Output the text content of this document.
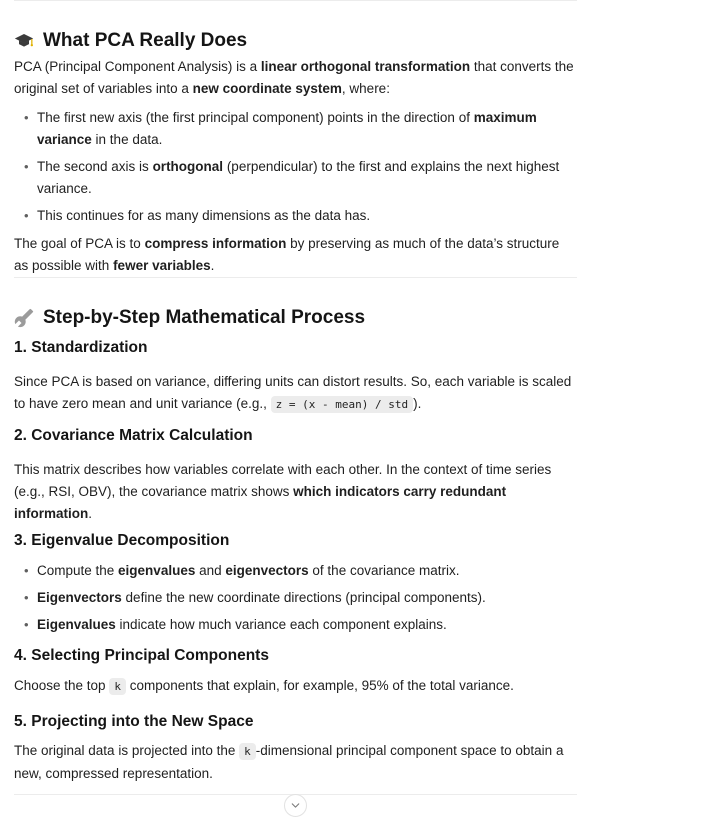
What PCA Really Does

PCA (Principal Component Analysis) is a linear orthogonal transformation that converts the original set of variables into a new coordinate system, where:

• The first new axis (the first principal component) points in the direction of maximum variance in the data.
• The second axis is orthogonal (perpendicular) to the first and explains the next highest variance.
• This continues for as many dimensions as the data has.

The goal of PCA is to compress information by preserving as much of the data’s structure as possible with fewer variables.

Step-by-Step Mathematical Process
1. Standardization

Since PCA is based on variance, differing units can distort results. So, each variable is scaled to have zero mean and unit variance (e.g., z = (x - mean) / std ).

2. Covariance Matrix Calculation

This matrix describes how variables correlate with each other. In the context of time series (e.g., RSI, OBV), the covariance matrix shows which indicators carry redundant information.

3. Eigenvalue Decomposition
• Compute the eigenvalues and eigenvectors of the covariance matrix.
• Eigenvectors define the new coordinate directions (principal components).
• Eigenvalues indicate how much variance each component explains.
4. Selecting Principal Components

Choose the top k components that explain, for example, 95% of the total variance.

5. Projecting into the New Space

The original data is projected into the k -dimensional principal component space to obtain a new, compressed representation.
